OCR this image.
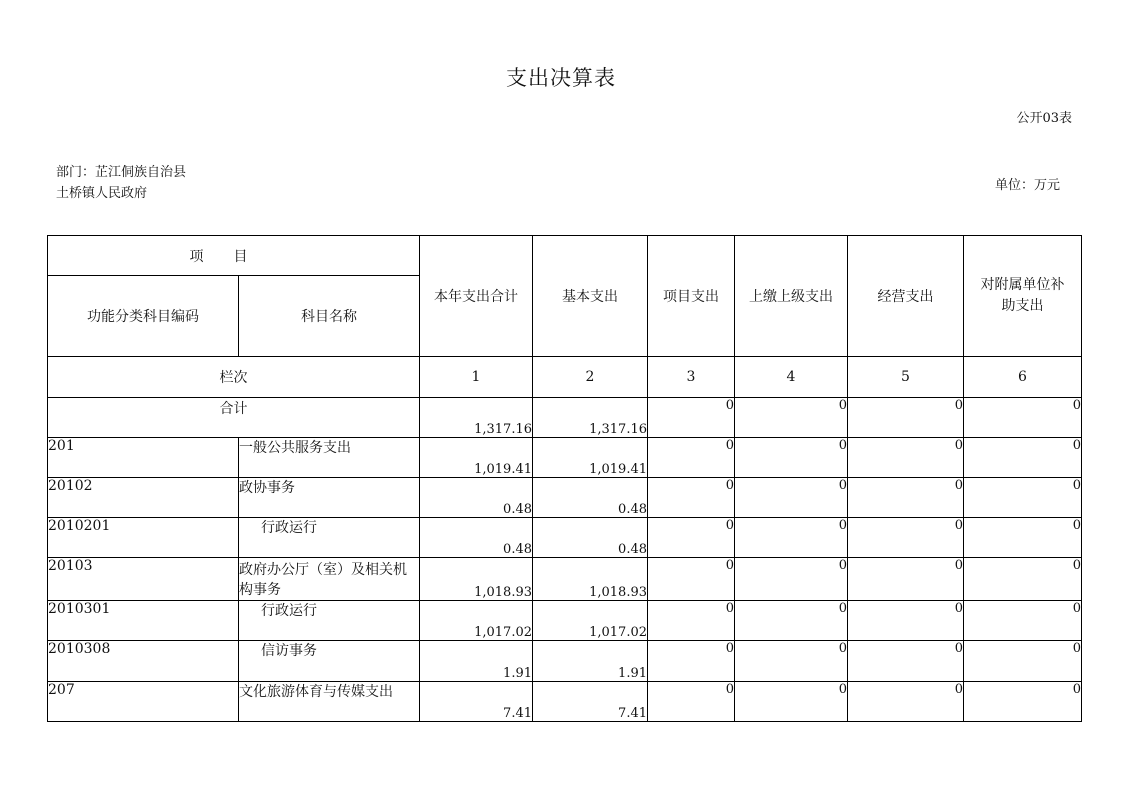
支出决算表
公开03表
部门：芷江侗族自治县
土桥镇人民政府
单位：万元
项目		本年支出合计	基本支出	项目支出	上缴上级支出	经营支出	对附属单位补助支出
功能分类科目编码	科目名称						
栏次		1	2	3	4	5	6
合计		1,317.16	1,317.16	0	0	0	0
201	一般公共服务支出	1,019.41	1,019.41	0	0	0	0
20102	政协事务	0.48	0.48	0	0	0	0
2010201	行政运行	0.48	0.48	0	0	0	0
20103	政府办公厅（室）及相关机构事务	1,018.93	1,018.93	0	0	0	0
2010301	行政运行	1,017.02	1,017.02	0	0	0	0
2010308	信访事务	1.91	1.91	0	0	0	0
207	文化旅游体育与传媒支出	7.41	7.41	0	0	0	0
